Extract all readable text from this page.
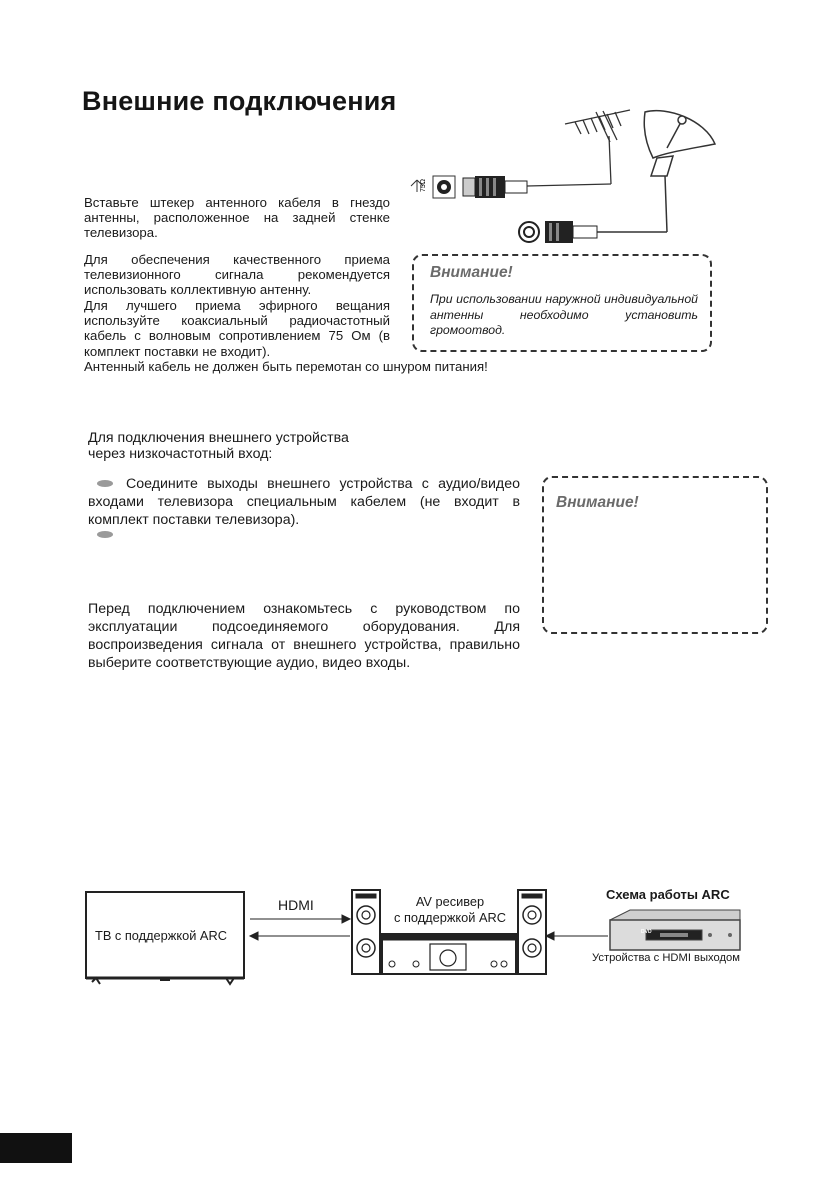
Внешние подключения
75Ω
Вставьте штекер антенного кабеля в гнездо антенны, расположенное на задней стенке телевизора.
Для обеспечения качественного приема телевизионного сигнала рекомендуется использовать коллективную антенну.
Для лучшего приема эфирного вещания используйте коаксиальный радиочастотный кабель с волновым сопротивлением 75 Ом (в комплект поставки не входит).
Антенный кабель не должен быть перемотан со шнуром питания!
Внимание!
При использовании наружной индивидуальной антенны необходимо установить громоотвод.
Для подключения внешнего устройства
через низкочастотный вход:
Соедините выходы внешнего устройства с аудио/видео входами телевизора специальным кабелем (не входит в комплект поставки телевизора).
Перед подключением ознакомьтесь с руководством по эксплуатации подсоединяемого оборудования. Для воспроизведения сигнала от внешнего устройства, правильно выберите соответствующие аудио, видео входы.
Внимание!
ТВ с поддержкой ARC
HDMI	AV ресивер
с поддержкой ARC
Схема работы ARC
DVD
Устройства с HDMI выходом
